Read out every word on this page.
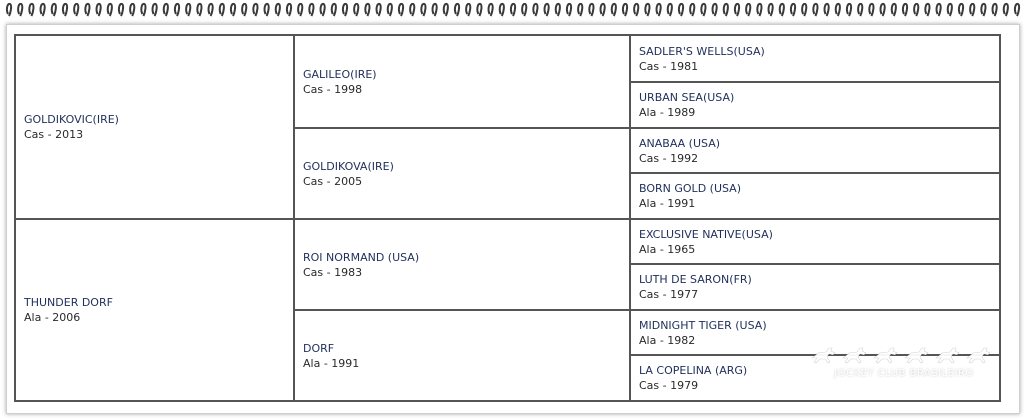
GOLDIKOVIC(IRE)
Cas - 2013
THUNDER DORF
Ala - 2006
GALILEO(IRE)
Cas - 1998
GOLDIKOVA(IRE)
Cas - 2005
ROI NORMAND (USA)
Cas - 1983
DORF
Ala - 1991
SADLER'S WELLS(USA)
Cas - 1981
URBAN SEA(USA)
Ala - 1989
ANABAA (USA)
Cas - 1992
BORN GOLD (USA)
Ala - 1991
EXCLUSIVE NATIVE(USA)
Ala - 1965
LUTH DE SARON(FR)
Cas - 1977
MIDNIGHT TIGER (USA)
Ala - 1982
LA COPELINA (ARG)
Cas - 1979
JOCKEY CLUB BRASILEIRO
